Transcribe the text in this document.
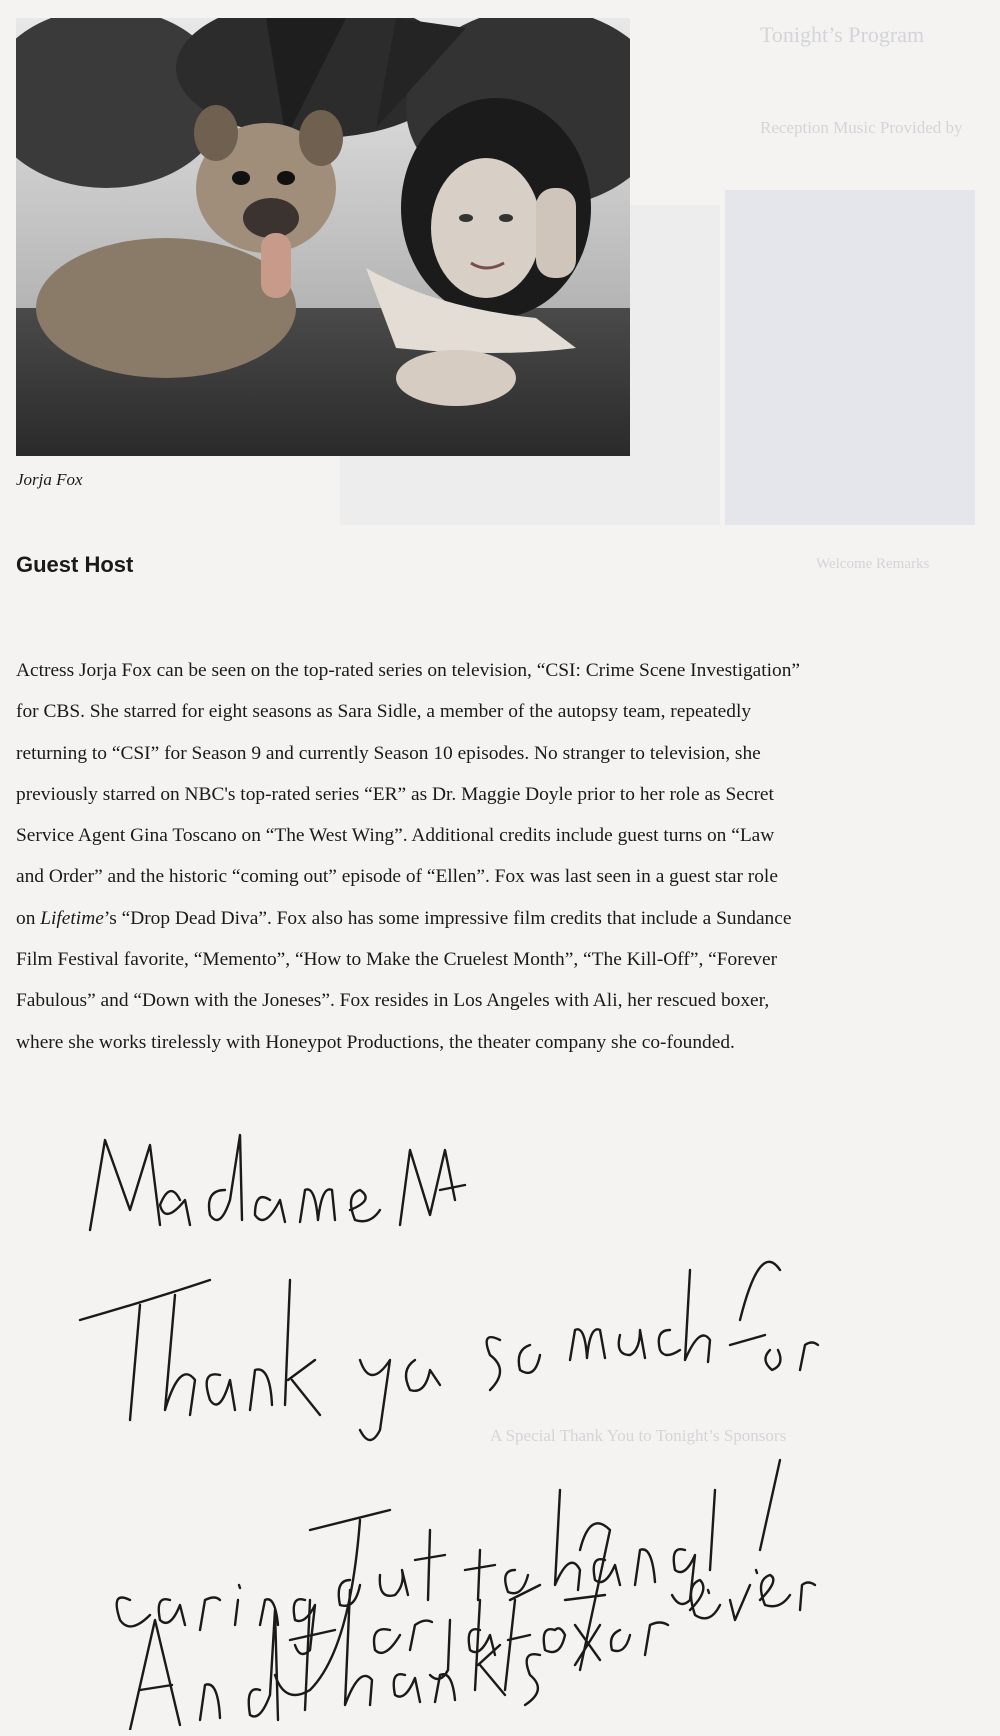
Tonight’s Program
Reception Music Provided by
Welcome Remarks
A Special Thank You to Tonight’s Sponsors
Jorja Fox
Guest Host

Actress Jorja Fox can be seen on the top-rated series on television, “CSI: Crime Scene Investigation”

for CBS. She starred for eight seasons as Sara Sidle, a member of the autopsy team, repeatedly

returning to “CSI” for Season 9 and currently Season 10 episodes. No stranger to television, she

previously starred on NBC's top-rated series “ER” as Dr. Maggie Doyle prior to her role as Secret

Service Agent Gina Toscano on “The West Wing”. Additional credits include guest turns on “Law

and Order” and the historic “coming out” episode of “Ellen”. Fox was last seen in a guest star role

on Lifetime’s “Drop Dead Diva”. Fox also has some impressive film credits that include a Sundance

Film Festival favorite, “Memento”, “How to Make the Cruelest Month”, “The Kill-Off”, “Forever

Fabulous” and “Down with the Joneses”. Fox resides in Los Angeles with Ali, her rescued boxer,

where she works tirelessly with Honeypot Productions, the theater company she co-founded.
